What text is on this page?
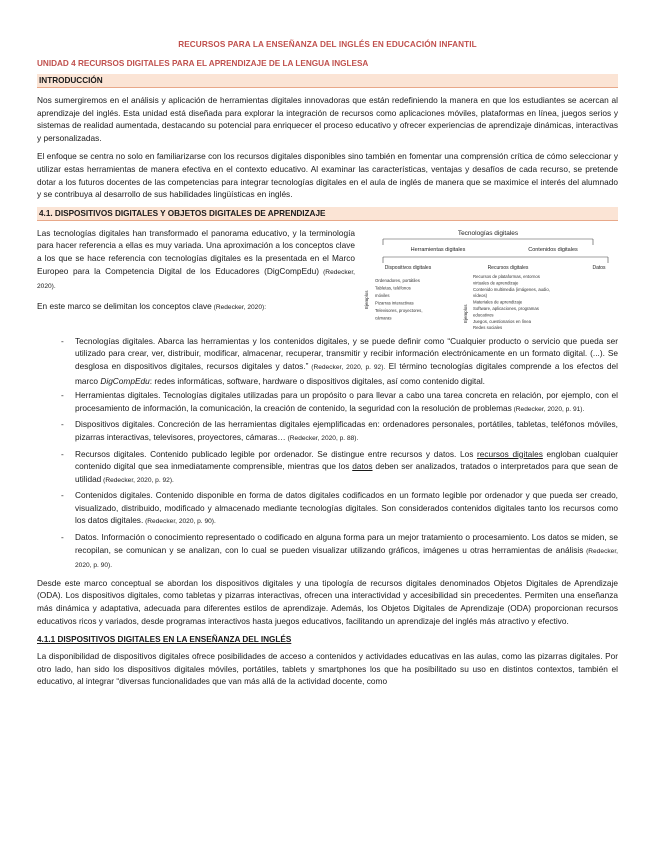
RECURSOS PARA LA ENSEÑANZA DEL INGLÉS EN EDUCACIÓN INFANTIL
UNIDAD 4 RECURSOS DIGITALES PARA EL APRENDIZAJE DE LA LENGUA INGLESA
INTRODUCCIÓN

Nos sumergiremos en el análisis y aplicación de herramientas digitales innovadoras que están redefiniendo la manera en que los estudiantes se acercan al aprendizaje del inglés. Esta unidad está diseñada para explorar la integración de recursos como aplicaciones móviles, plataformas en línea, juegos serios y sistemas de realidad aumentada, destacando su potencial para enriquecer el proceso educativo y ofrecer experiencias de aprendizaje dinámicas, interactivas y personalizadas.

El enfoque se centra no solo en familiarizarse con los recursos digitales disponibles sino también en fomentar una comprensión crítica de cómo seleccionar y utilizar estas herramientas de manera efectiva en el contexto educativo. Al examinar las características, ventajas y desafíos de cada recurso, se pretende dotar a los futuros docentes de las competencias para integrar tecnologías digitales en el aula de inglés de manera que se maximice el interés del alumnado y se contribuya al desarrollo de sus habilidades lingüísticas en inglés.

4.1. DISPOSITIVOS DIGITALES Y OBJETOS DIGITALES DE APRENDIZAJE

Las tecnologías digitales han transformado el panorama educativo, y la terminología para hacer referencia a ellas es muy variada. Una aproximación a los conceptos clave a los que se hace referencia con tecnologías digitales es la presentada en el Marco Europeo para la Competencia Digital de los Educadores (DigCompEdu) (Redecker, 2020).

En este marco se delimitan los conceptos clave (Redecker, 2020):

Tecnologías digitales
Herramientas digitales	Contenidos digitales
Dispositivos digitales	Recursos digitales	Datos
Ejemplos
Ejemplos
Ordenadores, portátiles
Tabletas, teléfonos
móviles
Pizarras interactivas
Televisores, proyectores,
cámaras
Recursos de plataformas, entornos
virtuales de aprendizaje
Contenido multimedia (imágenes, audio,
vídeos)
Materiales de aprendizaje
Software, aplicaciones, programas
educativos
Juegos, cuestionarios en línea
Redes sociales
- Tecnologías digitales. Abarca las herramientas y los contenidos digitales, y se puede definir como “Cualquier producto o servicio que pueda ser utilizado para crear, ver, distribuir, modificar, almacenar, recuperar, transmitir y recibir información electrónicamente en un formato digital. (...). Se desglosa en dispositivos digitales, recursos digitales y datos.” (Redecker, 2020, p. 92). El término tecnologías digitales comprende a los efectos del marco DigCompEdu: redes informáticas, software, hardware o dispositivos digitales, así como contenido digital.
- Herramientas digitales. Tecnologías digitales utilizadas para un propósito o para llevar a cabo una tarea concreta en relación, por ejemplo, con el procesamiento de información, la comunicación, la creación de contenido, la seguridad con la resolución de problemas (Redecker, 2020, p. 91).
- Dispositivos digitales. Concreción de las herramientas digitales ejemplificadas en: ordenadores personales, portátiles, tabletas, teléfonos móviles, pizarras interactivas, televisores, proyectores, cámaras… (Redecker, 2020, p. 88).
- Recursos digitales. Contenido publicado legible por ordenador. Se distingue entre recursos y datos. Los recursos digitales engloban cualquier contenido digital que sea inmediatamente comprensible, mientras que los datos deben ser analizados, tratados o interpretados para que sean de utilidad (Redecker, 2020, p. 92).
- Contenidos digitales. Contenido disponible en forma de datos digitales codificados en un formato legible por ordenador y que pueda ser creado, visualizado, distribuido, modificado y almacenado mediante tecnologías digitales. Son considerados contenidos digitales tanto los recursos como los datos digitales. (Redecker, 2020, p. 90).
- Datos. Información o conocimiento representado o codificado en alguna forma para un mejor tratamiento o procesamiento. Los datos se miden, se recopilan, se comunican y se analizan, con lo cual se pueden visualizar utilizando gráficos, imágenes u otras herramientas de análisis (Redecker, 2020, p. 90).

Desde este marco conceptual se abordan los dispositivos digitales y una tipología de recursos digitales denominados Objetos Digitales de Aprendizaje (ODA). Los dispositivos digitales, como tabletas y pizarras interactivas, ofrecen una interactividad y accesibilidad sin precedentes. Permiten una enseñanza más dinámica y adaptativa, adecuada para diferentes estilos de aprendizaje. Además, los Objetos Digitales de Aprendizaje (ODA) proporcionan recursos educativos ricos y variados, desde programas interactivos hasta juegos educativos, facilitando un aprendizaje del inglés más atractivo y efectivo.

4.1.1 DISPOSITIVOS DIGITALES EN LA ENSEÑANZA DEL INGLÉS

La disponibilidad de dispositivos digitales ofrece posibilidades de acceso a contenidos y actividades educativas en las aulas, como las pizarras digitales. Por otro lado, han sido los dispositivos digitales móviles, portátiles, tablets y smartphones los que ha posibilitado su uso en distintos contextos, también el educativo, al integrar “diversas funcionalidades que van más allá de la actividad docente, como
